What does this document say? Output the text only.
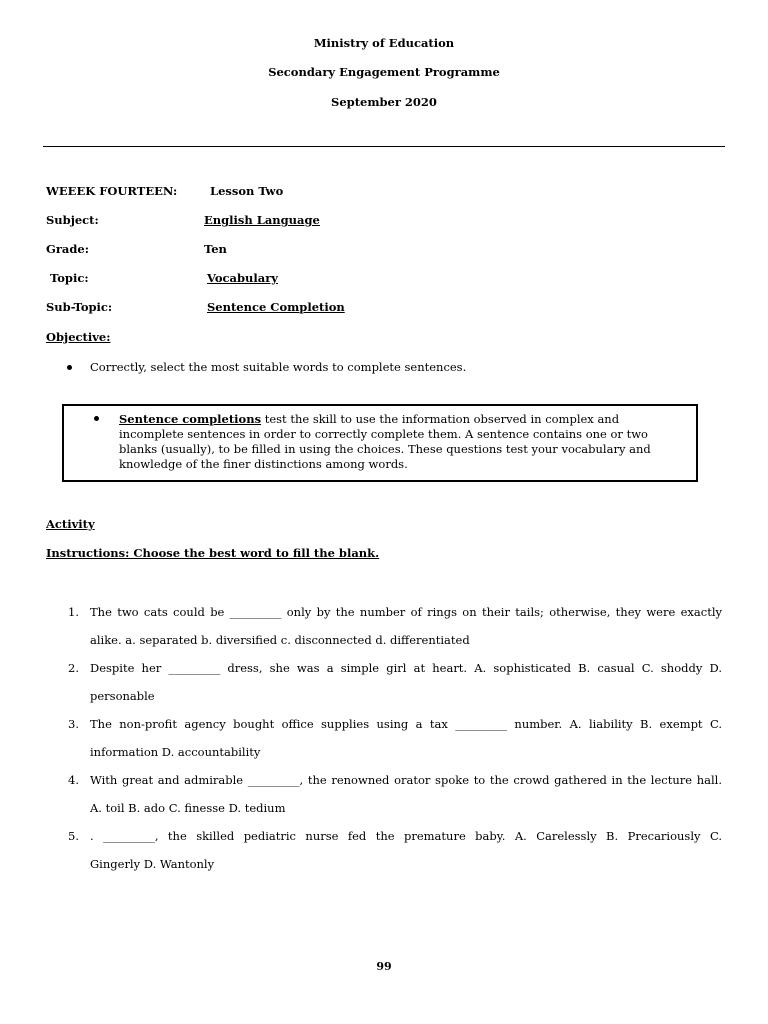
Ministry of Education
Secondary Engagement Programme
September 2020
WEEEK FOURTEEN:	Lesson Two
Subject:	English Language
Grade:	Ten
Topic:	Vocabulary
Sub-Topic:	Sentence Completion
Objective:
Correctly, select the most suitable words to complete sentences.
Sentence completions test the skill to use the information observed in complex and
incomplete sentences in order to correctly complete them. A sentence contains one or two
blanks (usually), to be filled in using the choices. These questions test your vocabulary and
knowledge of the finer distinctions among words.
Activity
Instructions: Choose the best word to fill the blank.
1. The two cats could be _________ only by the number of rings on their tails; otherwise, they were exactly
alike. a. separated b. diversified c. disconnected d. differentiated
2. Despite her _________ dress, she was a simple girl at heart. A. sophisticated B. casual C. shoddy D.
personable
3. The non-profit agency bought office supplies using a tax _________ number. A. liability B. exempt C.
information D. accountability
4. With great and admirable _________, the renowned orator spoke to the crowd gathered in the lecture hall.
A. toil B. ado C. finesse D. tedium
5. . _________, the skilled pediatric nurse fed the premature baby. A. Carelessly B. Precariously C.
Gingerly D. Wantonly
99
